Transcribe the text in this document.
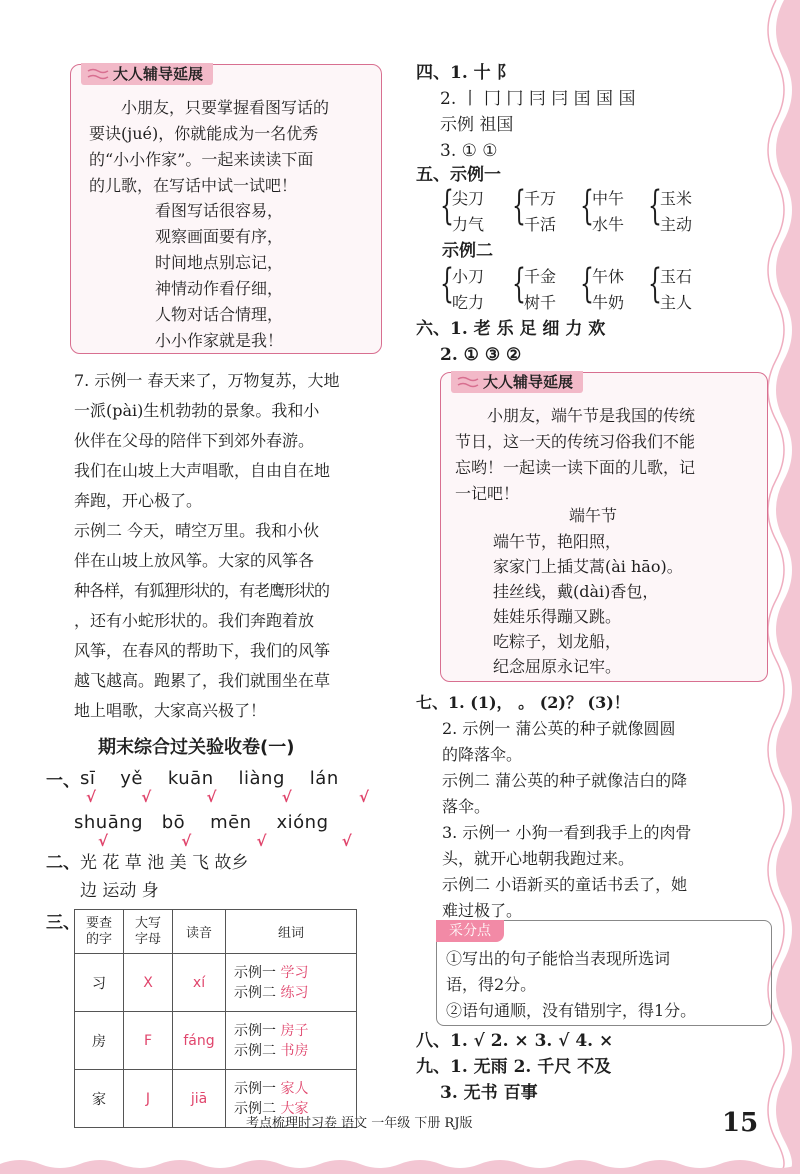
大人辅导延展

小朋友，只要掌握看图写话的

要诀(jué)，你就能成为一名优秀

的“小小作家”。一起来读读下面

的儿歌，在写话中试一试吧！

看图写话很容易，

观察画面要有序，

时间地点别忘记，

神情动作看仔细，

人物对话合情理，

小小作家就是我！

7. 示例一 春天来了，万物复苏，大地
一派(pài)生机勃勃的景象。我和小
伙伴在父母的陪伴下到郊外春游。
我们在山坡上大声唱歌，自由自在地
奔跑，开心极了。
示例二 今天，晴空万里。我和小伙
伴在山坡上放风筝。大家的风筝各
种各样，有狐狸形状的，有老鹰形状的
，还有小蛇形状的。我们奔跑着放
风筝，在春风的帮助下，我们的风筝
越飞越高。跑累了，我们就围坐在草
地上唱歌，大家高兴极了！
期末综合过关验收卷(一)
一、 sī yě kuān liàng lán
√	√	√	√	√
shuāng bō mēn xióng
√	√	√	√
二、光 花 草 池 美 飞 故乡
边 运动 身
三、 要查
的字	大写
字母	读音	组词
习	X	xí	示例一 学习
示例二 练习

房	F	fáng	示例一 房子
示例二 书房

家	J	jiā	示例一 家人
示例二 大家
四、1. 十 阝
2. 丨 冂 冂 冃 冃 囯 国 国
示例 祖国
3. ① ①
五、示例一
{
尖刀
力气 {
千万
千活 {
中午
水牛 {
玉米
主动
示例二
{
小刀
吃力 {
千金
树千 {
午休
牛奶 {
玉石
主人
六、1. 老 乐 足 细 力 欢
2. ① ③ ②
大人辅导延展

小朋友，端午节是我国的传统

节日，这一天的传统习俗我们不能

忘哟！一起读一读下面的儿歌，记

一记吧！

端午节

端午节，艳阳照，

家家门上插艾蒿(ài hāo)。

挂丝线，戴(dài)香包，

娃娃乐得蹦又跳。

吃粽子，划龙船，

纪念屈原永记牢。

七、1. (1)， 。 (2)？ (3)！
2. 示例一 蒲公英的种子就像圆圆
的降落伞。
示例二 蒲公英的种子就像洁白的降
落伞。
3. 示例一 小狗一看到我手上的肉骨
头，就开心地朝我跑过来。
示例二 小语新买的童话书丢了，她
难过极了。
采分点
①写出的句子能恰当表现所选词
语，得2分。
②语句通顺，没有错别字，得1分。
八、1. √ 2. × 3. √ 4. ×
九、1. 无雨 2. 千尺 不及
3. 无书 百事
考点梳理时习卷 语文 一年级 下册 RJ版	15
